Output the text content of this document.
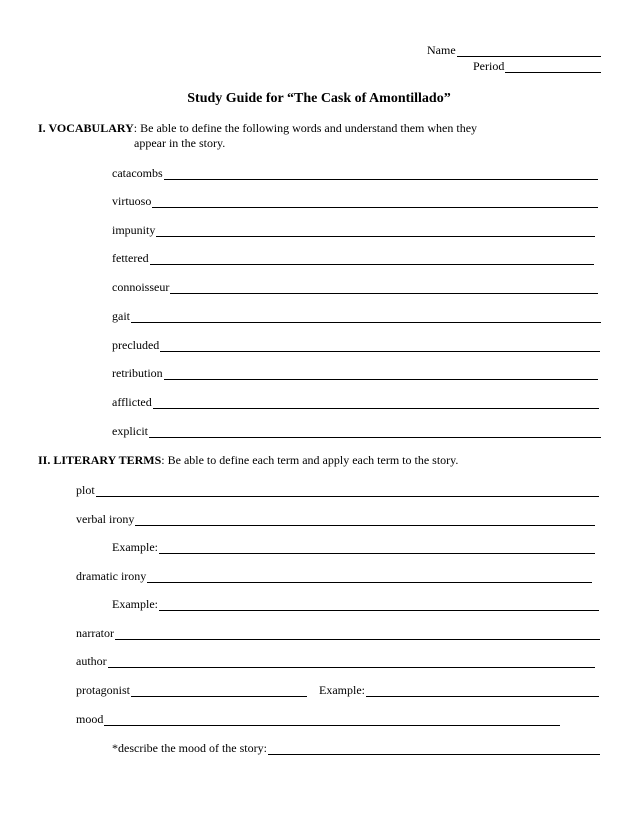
Name
Period
Study Guide for “The Cask of Amontillado”
I. VOCABULARY : Be able to define the following words and understand them when they
appear in the story.
catacombs
virtuoso
impunity
fettered
connoisseur
gait
precluded
retribution
afflicted
explicit
II. LITERARY TERMS : Be able to define each term and apply each term to the story.
plot
verbal irony
Example:
dramatic irony
Example:
narrator
author
protagonist	Example:
mood
*describe the mood of the story:
